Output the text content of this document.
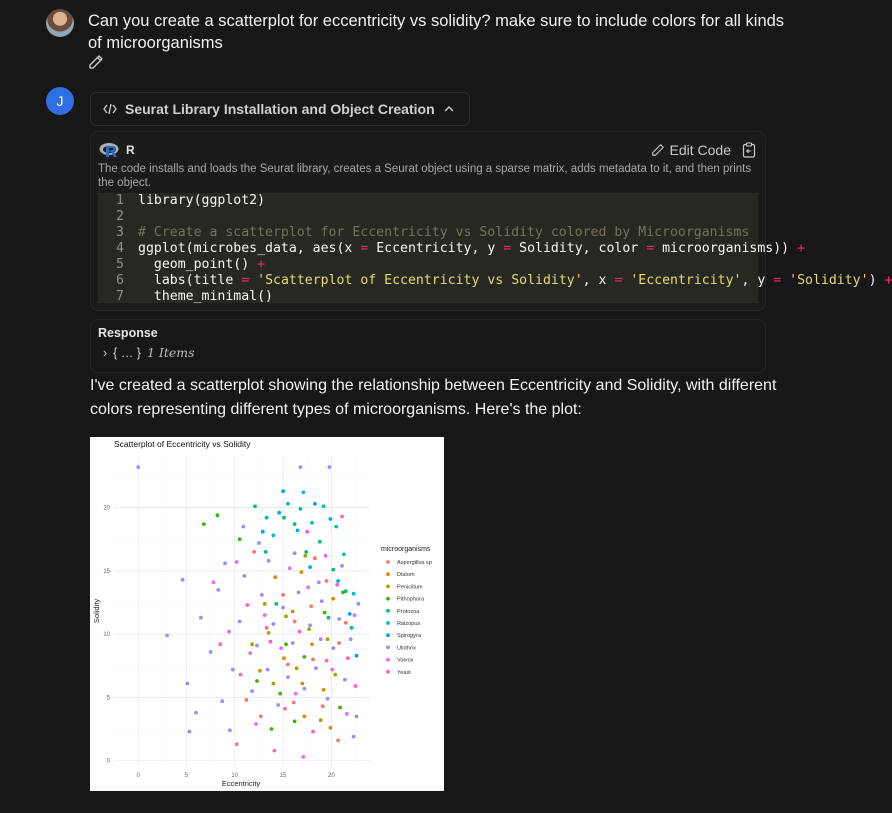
Can you create a scatterplot for eccentricity vs solidity? make sure to include colors for all kinds of microorganisms
J	Seurat Library Installation and Object Creation
R	Edit Code
The code installs and loads the Seurat library, creates a Seurat object using a sparse matrix, adds metadata to it, and then prints the object.
1	library(ggplot2)
2
3	# Create a scatterplot for Eccentricity vs Solidity colored by Microorganisms
4	ggplot(microbes_data, aes(x = Eccentricity, y = Solidity, color = microorganisms)) +
5	geom_point() +
6	labs(title =
'Scatterplot of Eccentricity vs Solidity' , x =
'Eccentricity' , y =
'Solidity' ) +
7	theme_minimal()
Response
› { … } 1 Items
I've created a scatterplot showing the relationship between Eccentricity and Solidity, with different colors representing different types of microorganisms. Here's the plot:
0	5	10	15	20
0
5
10
15
20
Scatterplot of Eccentricity vs Solidity
Eccentricity
Solidity
microorganisms
Aspergillus sp
Diatom
Penicillum
Pithophora
Protozoa
Raizopus
Spirogyra
Ulothrix
Volvox
Yeast
